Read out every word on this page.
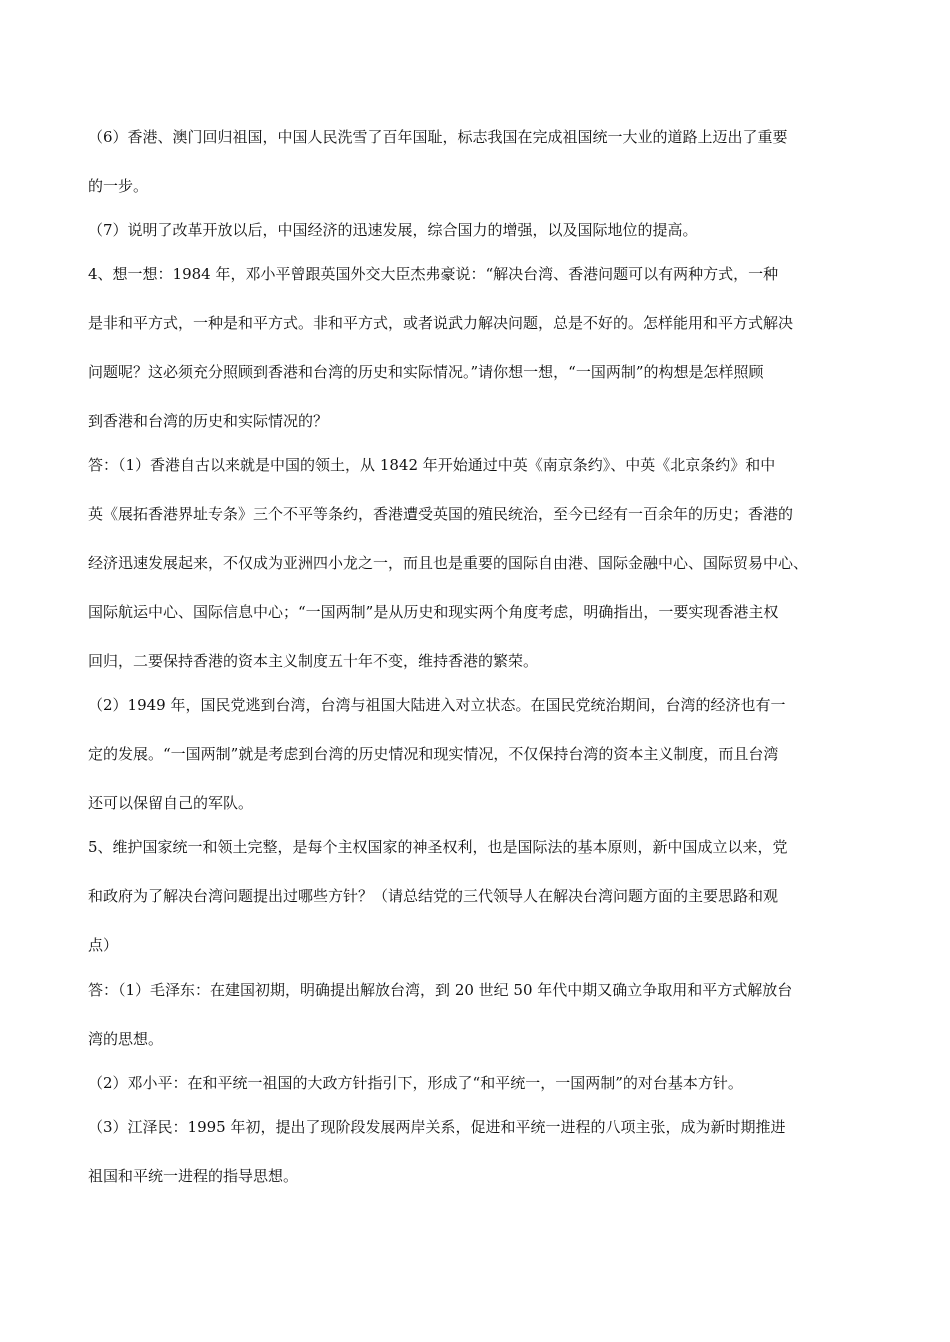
（6）香港、澳门回归祖国，中国人民洗雪了百年国耻，标志我国在完成祖国统一大业的道路上迈出了重要
的一步。
（7）说明了改革开放以后，中国经济的迅速发展，综合国力的增强，以及国际地位的提高。
4、想一想：1984 年，邓小平曾跟英国外交大臣杰弗豪说：“解决台湾、香港问题可以有两种方式，一种
是非和平方式，一种是和平方式。非和平方式，或者说武力解决问题，总是不好的。怎样能用和平方式解决
问题呢？这必须充分照顾到香港和台湾的历史和实际情况。”请你想一想，“一国两制”的构想是怎样照顾
到香港和台湾的历史和实际情况的？
答：（1）香港自古以来就是中国的领土，从 1842 年开始通过中英《南京条约》、中英《北京条约》和中
英《展拓香港界址专条》三个不平等条约，香港遭受英国的殖民统治，至今已经有一百余年的历史；香港的
经济迅速发展起来，不仅成为亚洲四小龙之一，而且也是重要的国际自由港、国际金融中心、国际贸易中心、
国际航运中心、国际信息中心；“一国两制”是从历史和现实两个角度考虑，明确指出，一要实现香港主权
回归，二要保持香港的资本主义制度五十年不变，维持香港的繁荣。
（2）1949 年，国民党逃到台湾，台湾与祖国大陆进入对立状态。在国民党统治期间，台湾的经济也有一
定的发展。“一国两制”就是考虑到台湾的历史情况和现实情况，不仅保持台湾的资本主义制度，而且台湾
还可以保留自己的军队。
5、维护国家统一和领土完整，是每个主权国家的神圣权利，也是国际法的基本原则，新中国成立以来，党
和政府为了解决台湾问题提出过哪些方针？（请总结党的三代领导人在解决台湾问题方面的主要思路和观
点）
答：（1）毛泽东：在建国初期，明确提出解放台湾，到 20 世纪 50 年代中期又确立争取用和平方式解放台
湾的思想。
（2）邓小平：在和平统一祖国的大政方针指引下，形成了“和平统一，一国两制”的对台基本方针。
（3）江泽民：1995 年初，提出了现阶段发展两岸关系，促进和平统一进程的八项主张，成为新时期推进
祖国和平统一进程的指导思想。
